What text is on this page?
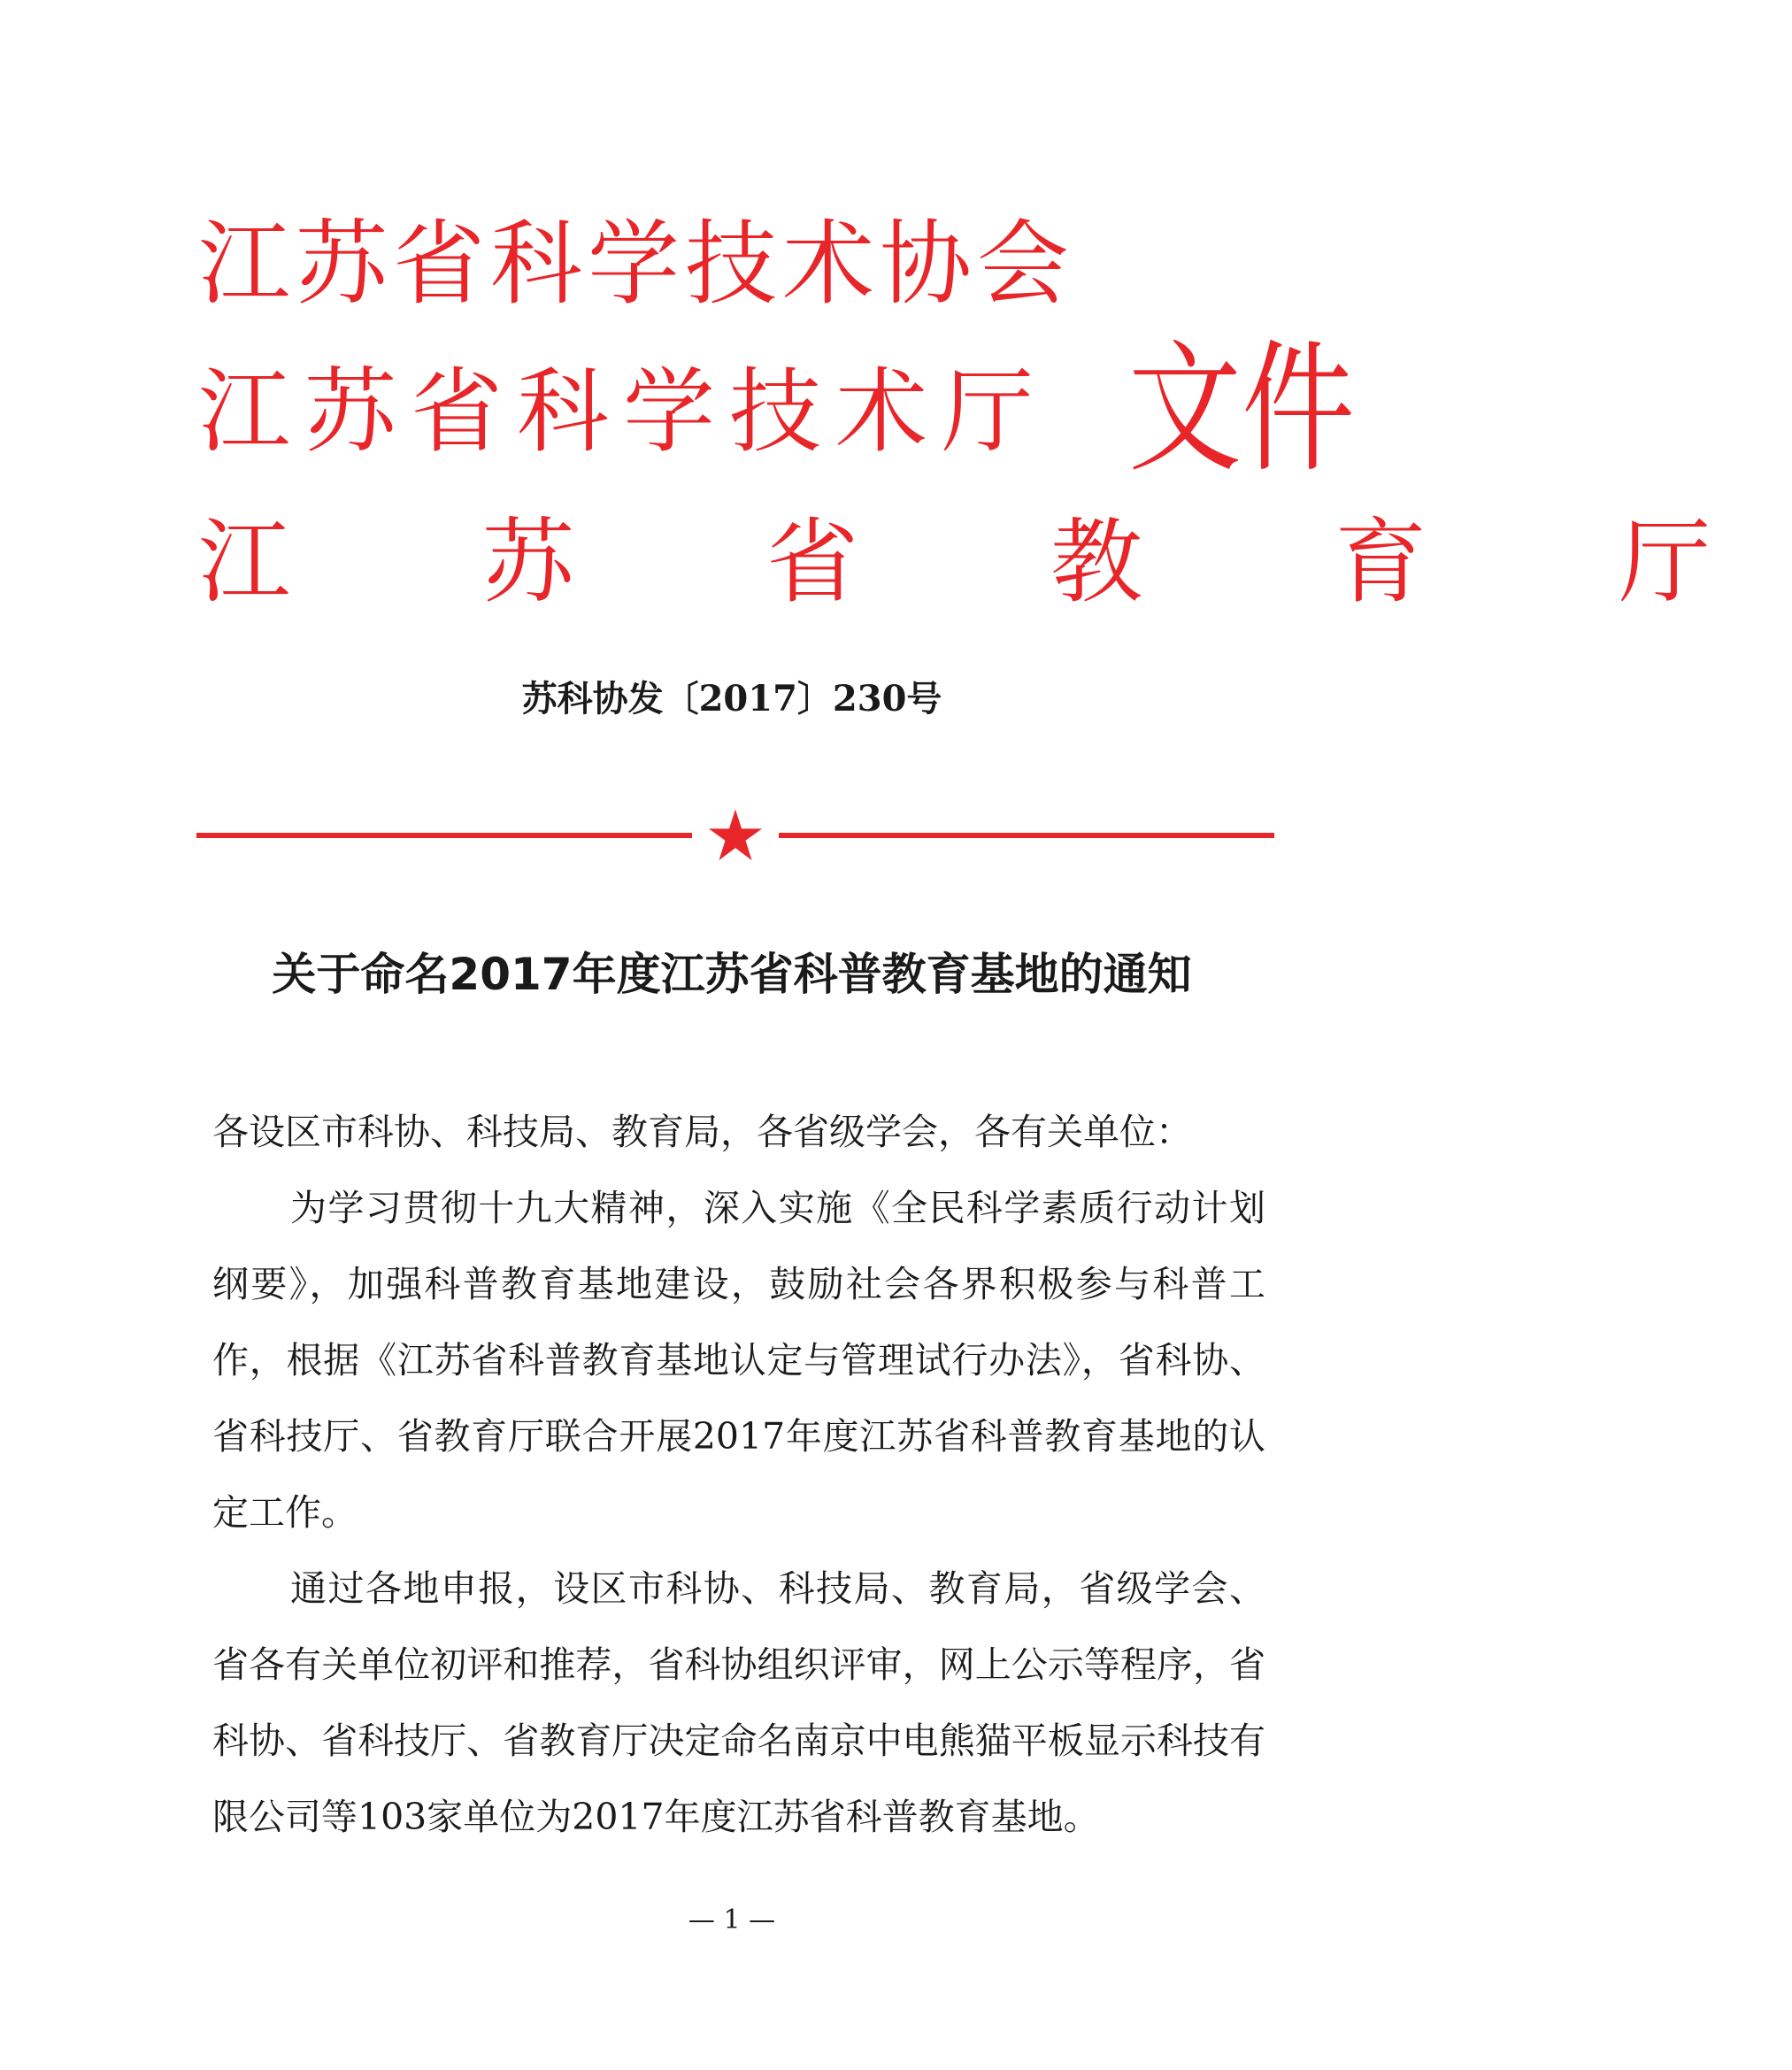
江苏省科学技术协会

江苏省科学技术厅

江 苏 省 教 育 厅

文件

苏科协发〔2017〕230号

关于命名2017年度江苏省科普教育基地的通知

各设区市科协、科技局、教育局，各省级学会，各有关单位：

为学习贯彻十九大精神，深入实施《全民科学素质行动计划纲要》，加强科普教育基地建设，鼓励社会各界积极参与科普工作，根据《江苏省科普教育基地认定与管理试行办法》，省科协、省科技厅、省教育厅联合开展2017年度江苏省科普教育基地的认定工作。

通过各地申报，设区市科协、科技局、教育局，省级学会、省各有关单位初评和推荐，省科协组织评审，网上公示等程序，省科协、省科技厅、省教育厅决定命名南京中电熊猫平板显示科技有限公司等103家单位为2017年度江苏省科普教育基地。

— 1 —
